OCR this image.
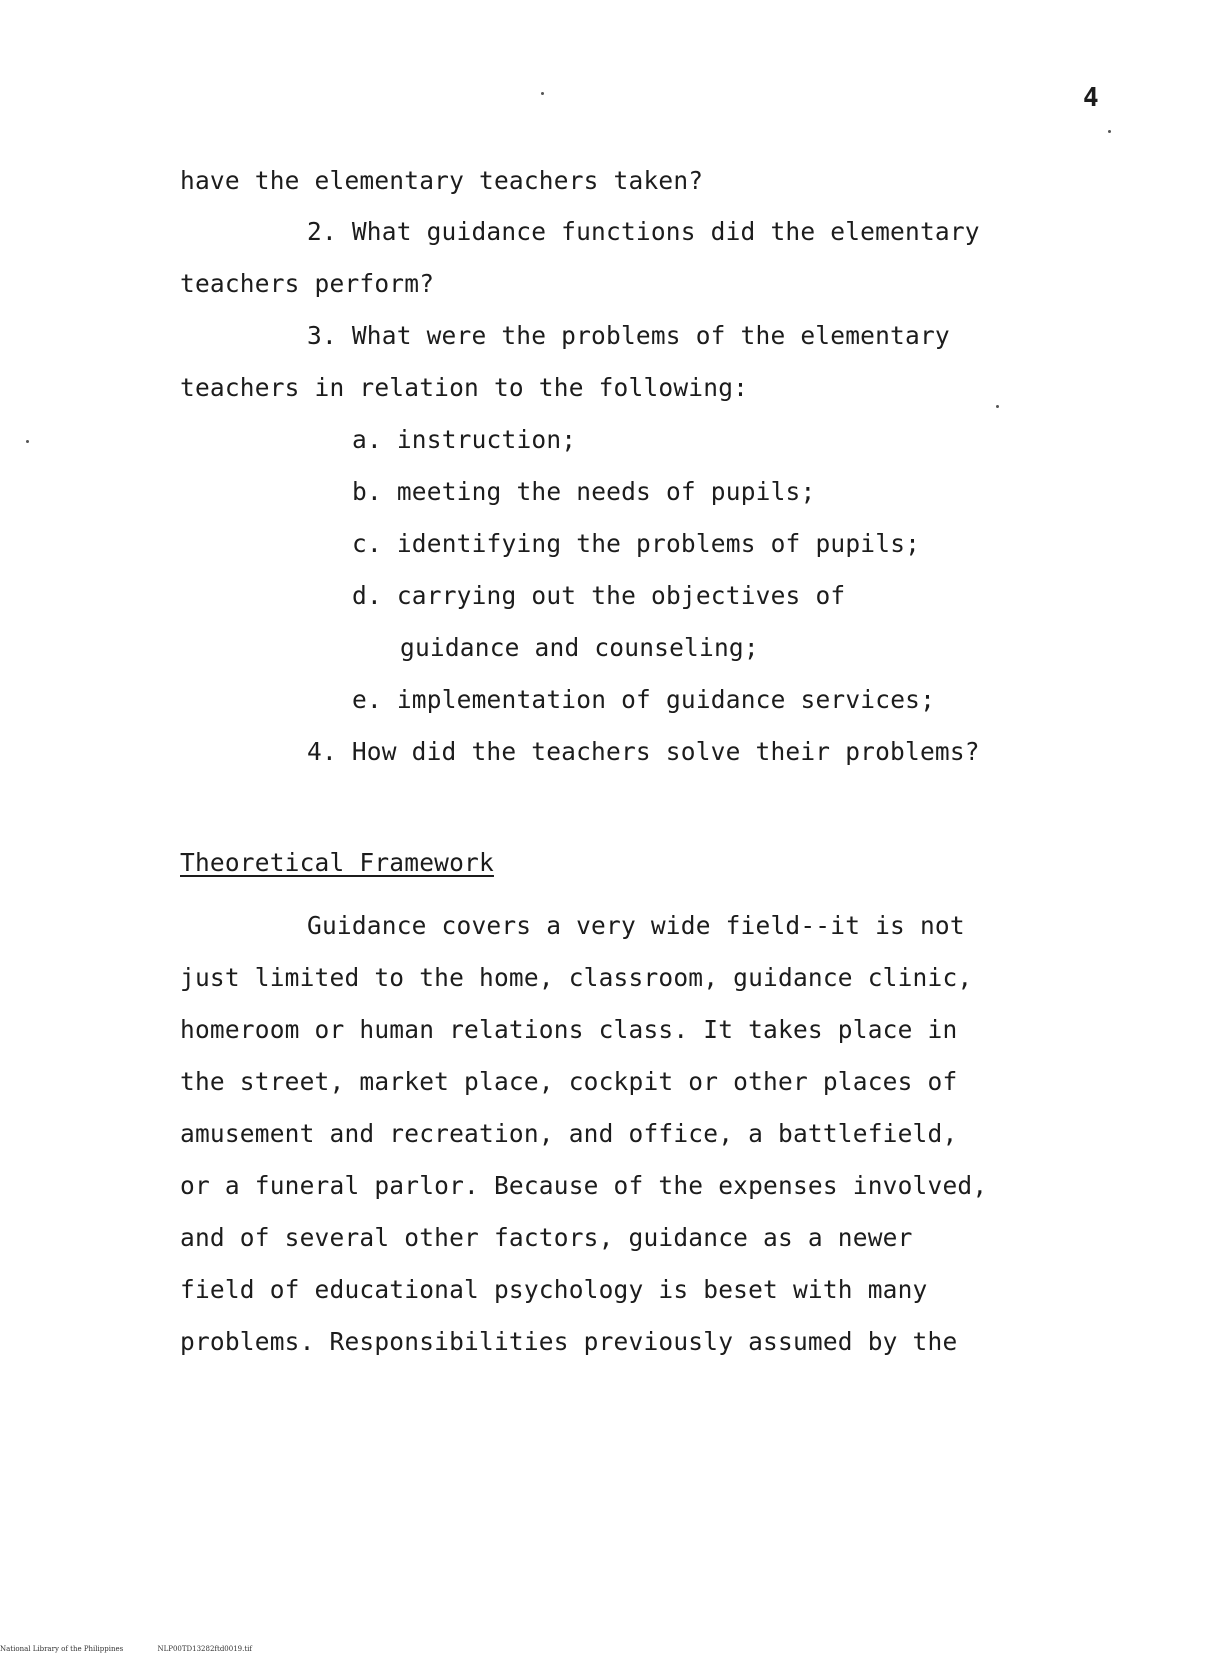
4
have the elementary teachers taken?
2. What guidance functions did the elementary
teachers perform?
3. What were the problems of the elementary
teachers in relation to the following:
a. instruction;
b. meeting the needs of pupils;
c. identifying the problems of pupils;
d. carrying out the objectives of
guidance and counseling;
e. implementation of guidance services;
4. How did the teachers solve their problems?
Theoretical Framework
Guidance covers a very wide field--it is not
just limited to the home, classroom, guidance clinic,
homeroom or human relations class. It takes place in
the street, market place, cockpit or other places of
amusement and recreation, and office, a battlefield,
or a funeral parlor. Because of the expenses involved,
and of several other factors, guidance as a newer
field of educational psychology is beset with many
problems. Responsibilities previously assumed by the
National Library of the Philippines	NLP00TD13282ftd0019.tif
